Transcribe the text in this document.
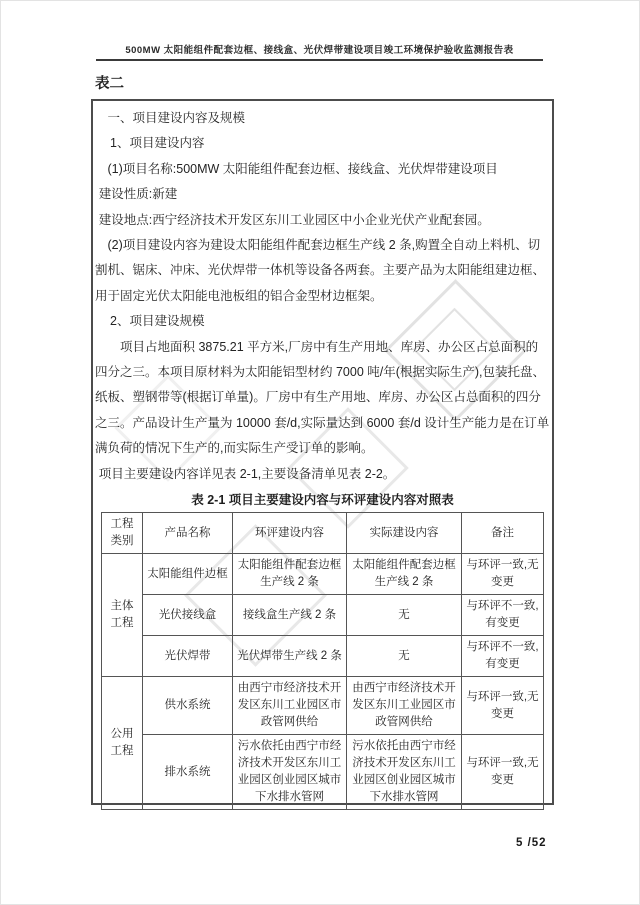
500MW 太阳能组件配套边框、接线盒、光伏焊带建设项目竣工环境保护验收监测报告表
表二

一、项目建设内容及规模

1、项目建设内容

(1)项目名称:500MW 太阳能组件配套边框、接线盒、光伏焊带建设项目

建设性质:新建

建设地点:西宁经济技术开发区东川工业园区中小企业光伏产业配套园。

(2)项目建设内容为建设太阳能组件配套边框生产线 2 条,购置全自动上料机、切割机、锯床、冲床、光伏焊带一体机等设备各两套。主要产品为太阳能组建边框、用于固定光伏太阳能电池板组的铝合金型材边框架。

2、项目建设规模

项目占地面积 3875.21 平方米,厂房中有生产用地、库房、办公区占总面积的四分之三。本项目原材料为太阳能铝型材约 7000 吨/年(根据实际生产),包装托盘、纸板、塑钢带等(根据订单量)。厂房中有生产用地、库房、办公区占总面积的四分之三。产品设计生产量为 10000 套/d,实际量达到 6000 套/d 设计生产能力是在订单满负荷的情况下生产的,而实际生产受订单的影响。

项目主要建设内容详见表 2-1,主要设备清单见表 2-2。

表 2-1 项目主要建设内容与环评建设内容对照表
工程类别	产品名称	环评建设内容	实际建设内容	备注
主体工程	太阳能组件边框	太阳能组件配套边框生产线 2 条	太阳能组件配套边框生产线 2 条	与环评一致,无变更
	光伏接线盒	接线盒生产线 2 条	无	与环评不一致,有变更
	光伏焊带	光伏焊带生产线 2 条	无	与环评不一致,有变更
公用工程	供水系统	由西宁市经济技术开发区东川工业园区市政管网供给	由西宁市经济技术开发区东川工业园区市政管网供给	与环评一致,无变更
	排水系统	污水依托由西宁市经济技术开发区东川工业园区创业园区城市下水排水管网	污水依托由西宁市经济技术开发区东川工业园区创业园区城市下水排水管网	与环评一致,无变更
5 /52
